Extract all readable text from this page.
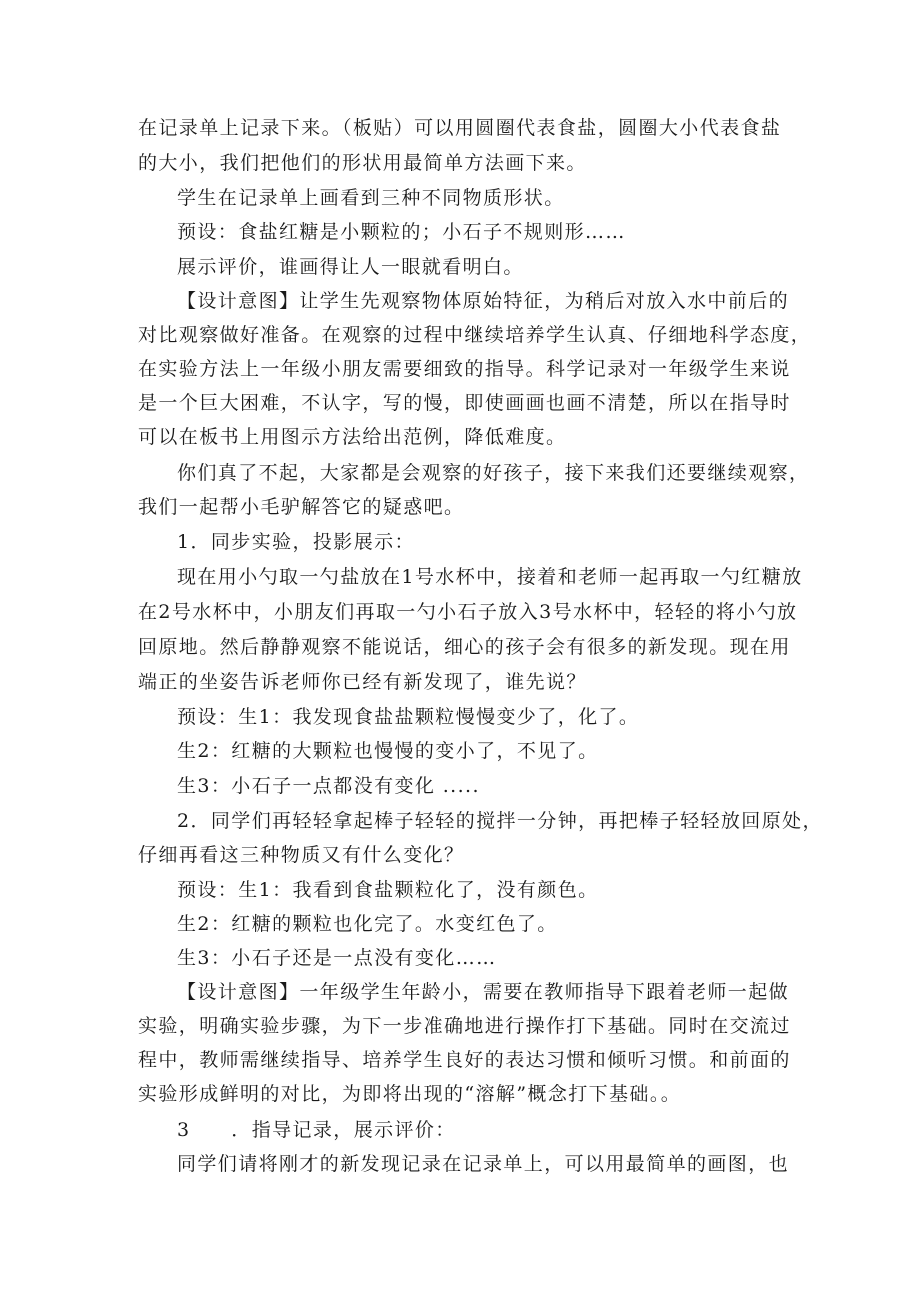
在记录单上记录下来。（板贴）可以用圆圈代表食盐，圆圈大小代表食盐
的大小，我们把他们的形状用最简单方法画下来。
学生在记录单上画看到三种不同物质形状。
预设：食盐红糖是小颗粒的；小石子不规则形……
展示评价，谁画得让人一眼就看明白。
【设计意图】让学生先观察物体原始特征，为稍后对放入水中前后的
对比观察做好准备。在观察的过程中继续培养学生认真、仔细地科学态度，
在实验方法上一年级小朋友需要细致的指导。科学记录对一年级学生来说
是一个巨大困难，不认字，写的慢，即使画画也画不清楚，所以在指导时
可以在板书上用图示方法给出范例，降低难度。
你们真了不起，大家都是会观察的好孩子，接下来我们还要继续观察，
我们一起帮小毛驴解答它的疑惑吧。
1．同步实验，投影展示：
现在用小勺取一勺盐放在1号水杯中，接着和老师一起再取一勺红糖放
在2号水杯中，小朋友们再取一勺小石子放入3号水杯中，轻轻的将小勺放
回原地。然后静静观察不能说话，细心的孩子会有很多的新发现。现在用
端正的坐姿告诉老师你已经有新发现了，谁先说？
预设：生1：我发现食盐盐颗粒慢慢变少了，化了。
生2：红糖的大颗粒也慢慢的变小了，不见了。
生3：小石子一点都没有变化 .....
2．同学们再轻轻拿起棒子轻轻的搅拌一分钟，再把棒子轻轻放回原处，
仔细再看这三种物质又有什么变化？
预设：生1：我看到食盐颗粒化了，没有颜色。
生2：红糖的颗粒也化完了。水变红色了。
生3：小石子还是一点没有变化……
【设计意图】一年级学生年龄小，需要在教师指导下跟着老师一起做
实验，明确实验步骤，为下一步准确地进行操作打下基础。同时在交流过
程中，教师需继续指导、培养学生良好的表达习惯和倾听习惯。和前面的
实验形成鲜明的对比，为即将出现的“溶解”概念打下基础。。
3　　．指导记录，展示评价：
同学们请将刚才的新发现记录在记录单上，可以用最简单的画图，也
